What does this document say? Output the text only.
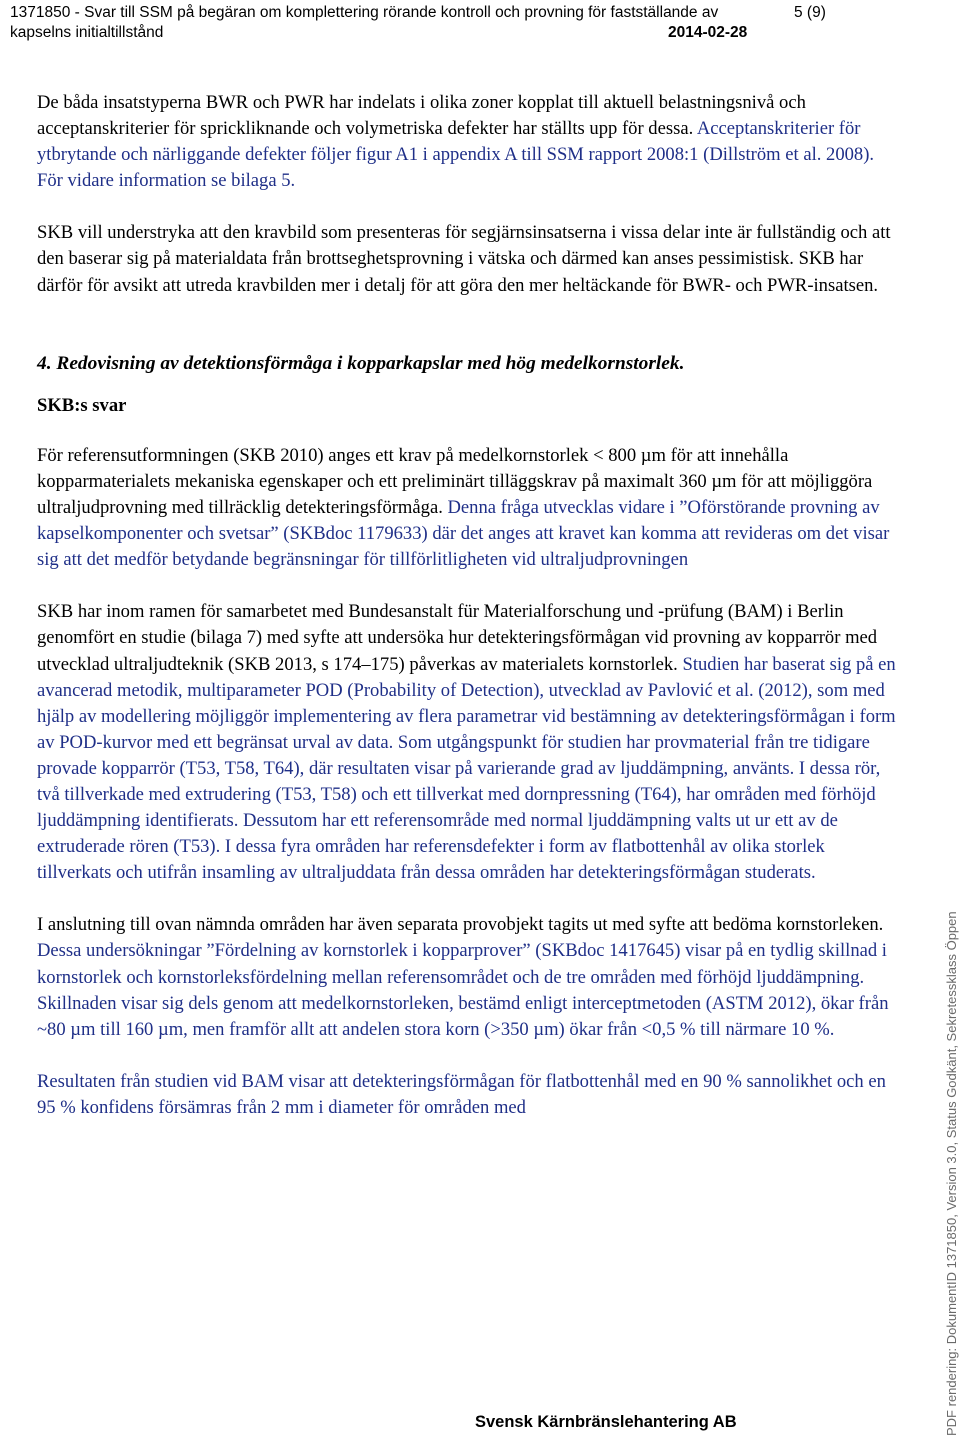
1371850 - Svar till SSM på begäran om komplettering rörande kontroll och provning för fastställande av
kapselns initialtillstånd
5 (9)
2014-02-28

De båda insatstyperna BWR och PWR har indelats i olika zoner kopplat till aktuell belastningsnivå och acceptanskriterier för sprickliknande och volymetriska defekter har ställts upp för dessa. Acceptanskriterier för ytbrytande och närliggande defekter följer figur A1 i appendix A till SSM rapport 2008:1 (Dillström et al. 2008). För vidare information se bilaga 5.

SKB vill understryka att den kravbild som presenteras för segjärnsinsatserna i vissa delar inte är fullständig och att den baserar sig på materialdata från brottseghetsprovning i vätska och därmed kan anses pessimistisk. SKB har därför för avsikt att utreda kravbilden mer i detalj för att göra den mer heltäckande för BWR- och PWR-insatsen.

4. Redovisning av detektionsförmåga i kopparkapslar med hög medelkornstorlek.

SKB:s svar

För referensutformningen (SKB 2010) anges ett krav på medelkornstorlek < 800 µm för att innehålla kopparmaterialets mekaniska egenskaper och ett preliminärt tilläggskrav på maximalt 360 µm för att möjliggöra ultraljudprovning med tillräcklig detekteringsförmåga. Denna fråga utvecklas vidare i ”Oförstörande provning av kapselkomponenter och svetsar” (SKBdoc 1179633) där det anges att kravet kan komma att revideras om det visar sig att det medför betydande begränsningar för tillförlitligheten vid ultraljudprovningen

SKB har inom ramen för samarbetet med Bundesanstalt für Materialforschung und -prüfung (BAM) i Berlin genomfört en studie (bilaga 7) med syfte att undersöka hur detekteringsförmågan vid provning av kopparrör med utvecklad ultraljudteknik (SKB 2013, s 174–175) påverkas av materialets kornstorlek. Studien har baserat sig på en avancerad metodik, multiparameter POD (Probability of Detection), utvecklad av Pavlović et al. (2012), som med hjälp av modellering möjliggör implementering av flera parametrar vid bestämning av detekteringsförmågan i form av POD-kurvor med ett begränsat urval av data. Som utgångspunkt för studien har provmaterial från tre tidigare provade kopparrör (T53, T58, T64), där resultaten visar på varierande grad av ljuddämpning, använts. I dessa rör, två tillverkade med extrudering (T53, T58) och ett tillverkat med dornpressning (T64), har områden med förhöjd ljuddämpning identifierats. Dessutom har ett referensområde med normal ljuddämpning valts ut ur ett av de extruderade rören (T53). I dessa fyra områden har referensdefekter i form av flatbottenhål av olika storlek tillverkats och utifrån insamling av ultraljuddata från dessa områden har detekteringsförmågan studerats.

I anslutning till ovan nämnda områden har även separata provobjekt tagits ut med syfte att bedöma kornstorleken. Dessa undersökningar ”Fördelning av kornstorlek i kopparprover” (SKBdoc 1417645) visar på en tydlig skillnad i kornstorlek och kornstorleksfördelning mellan referensområdet och de tre områden med förhöjd ljuddämpning. Skillnaden visar sig dels genom att medelkornstorleken, bestämd enligt interceptmetoden (ASTM 2012), ökar från ~80 µm till 160 µm, men framför allt att andelen stora korn (>350 µm) ökar från <0,5 % till närmare 10 %.

Resultaten från studien vid BAM visar att detekteringsförmågan för flatbottenhål med en 90 % sannolikhet och en 95 % konfidens försämras från 2 mm i diameter för områden med

Svensk Kärnbränslehantering AB	PDF rendering: DokumentID 1371850, Version 3.0, Status Godkänt, Sekretessklass Öppen
